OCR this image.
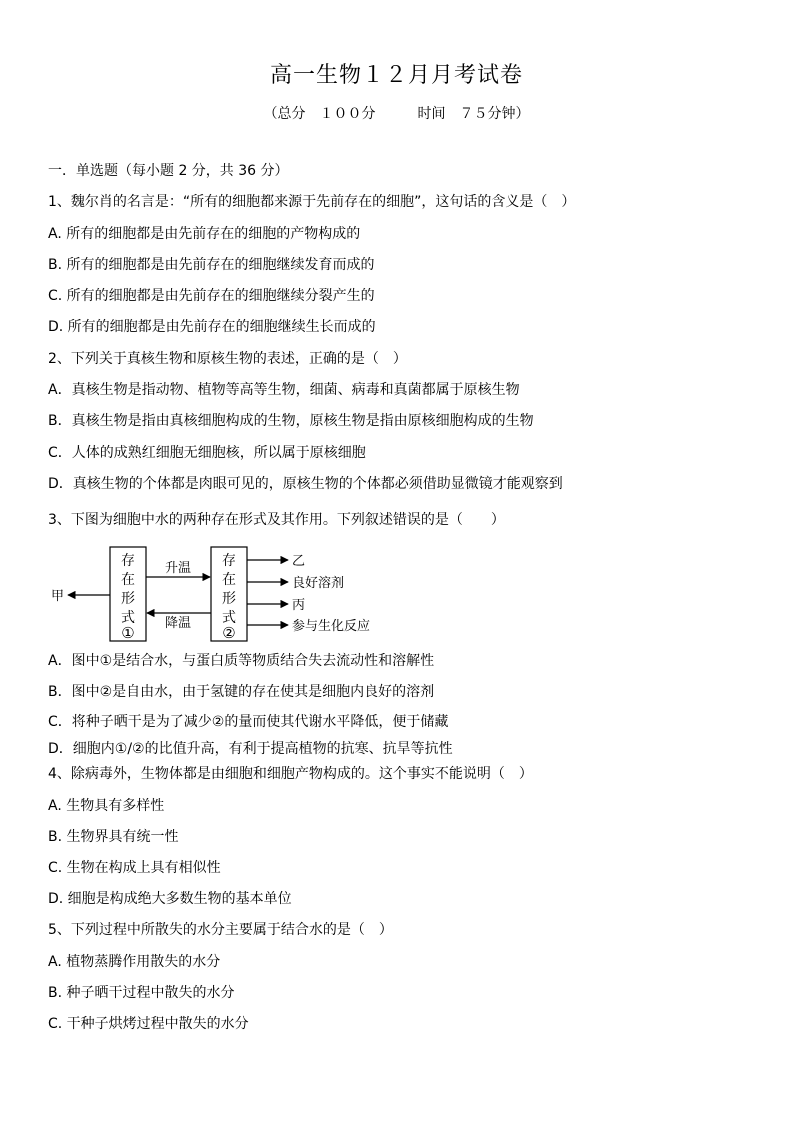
高一生物１２月月考试卷
（总分　１００分　　　时间　７５分钟）
一．单选题（每小题 2 分，共 36 分）
1、魏尔肖的名言是：“所有的细胞都来源于先前存在的细胞”，这句话的含义是（　）
A. 所有的细胞都是由先前存在的细胞的产物构成的
B. 所有的细胞都是由先前存在的细胞继续发育而成的
C. 所有的细胞都是由先前存在的细胞继续分裂产生的
D. 所有的细胞都是由先前存在的细胞继续生长而成的
2、下列关于真核生物和原核生物的表述，正确的是（　）
A．真核生物是指动物、植物等高等生物，细菌、病毒和真菌都属于原核生物
B．真核生物是指由真核细胞构成的生物，原核生物是指由原核细胞构成的生物
C．人体的成熟红细胞无细胞核，所以属于原核细胞
D．真核生物的个体都是肉眼可见的，原核生物的个体都必须借助显微镜才能观察到
3、下图为细胞中水的两种存在形式及其作用。下列叙述错误的是（　　）
存
在
形
式
①
存
在
形
式
②
升温
降温
甲
乙
良好溶剂
丙
参与生化反应
A．图中①是结合水，与蛋白质等物质结合失去流动性和溶解性
B．图中②是自由水，由于氢键的存在使其是细胞内良好的溶剂
C．将种子晒干是为了减少②的量而使其代谢水平降低，便于储藏
D．细胞内①/②的比值升高，有利于提高植物的抗寒、抗旱等抗性
4、除病毒外，生物体都是由细胞和细胞产物构成的。这个事实不能说明（　）
A. 生物具有多样性
B. 生物界具有统一性
C. 生物在构成上具有相似性
D. 细胞是构成绝大多数生物的基本单位
5、下列过程中所散失的水分主要属于结合水的是（　）
A. 植物蒸腾作用散失的水分
B. 种子晒干过程中散失的水分
C. 干种子烘烤过程中散失的水分
